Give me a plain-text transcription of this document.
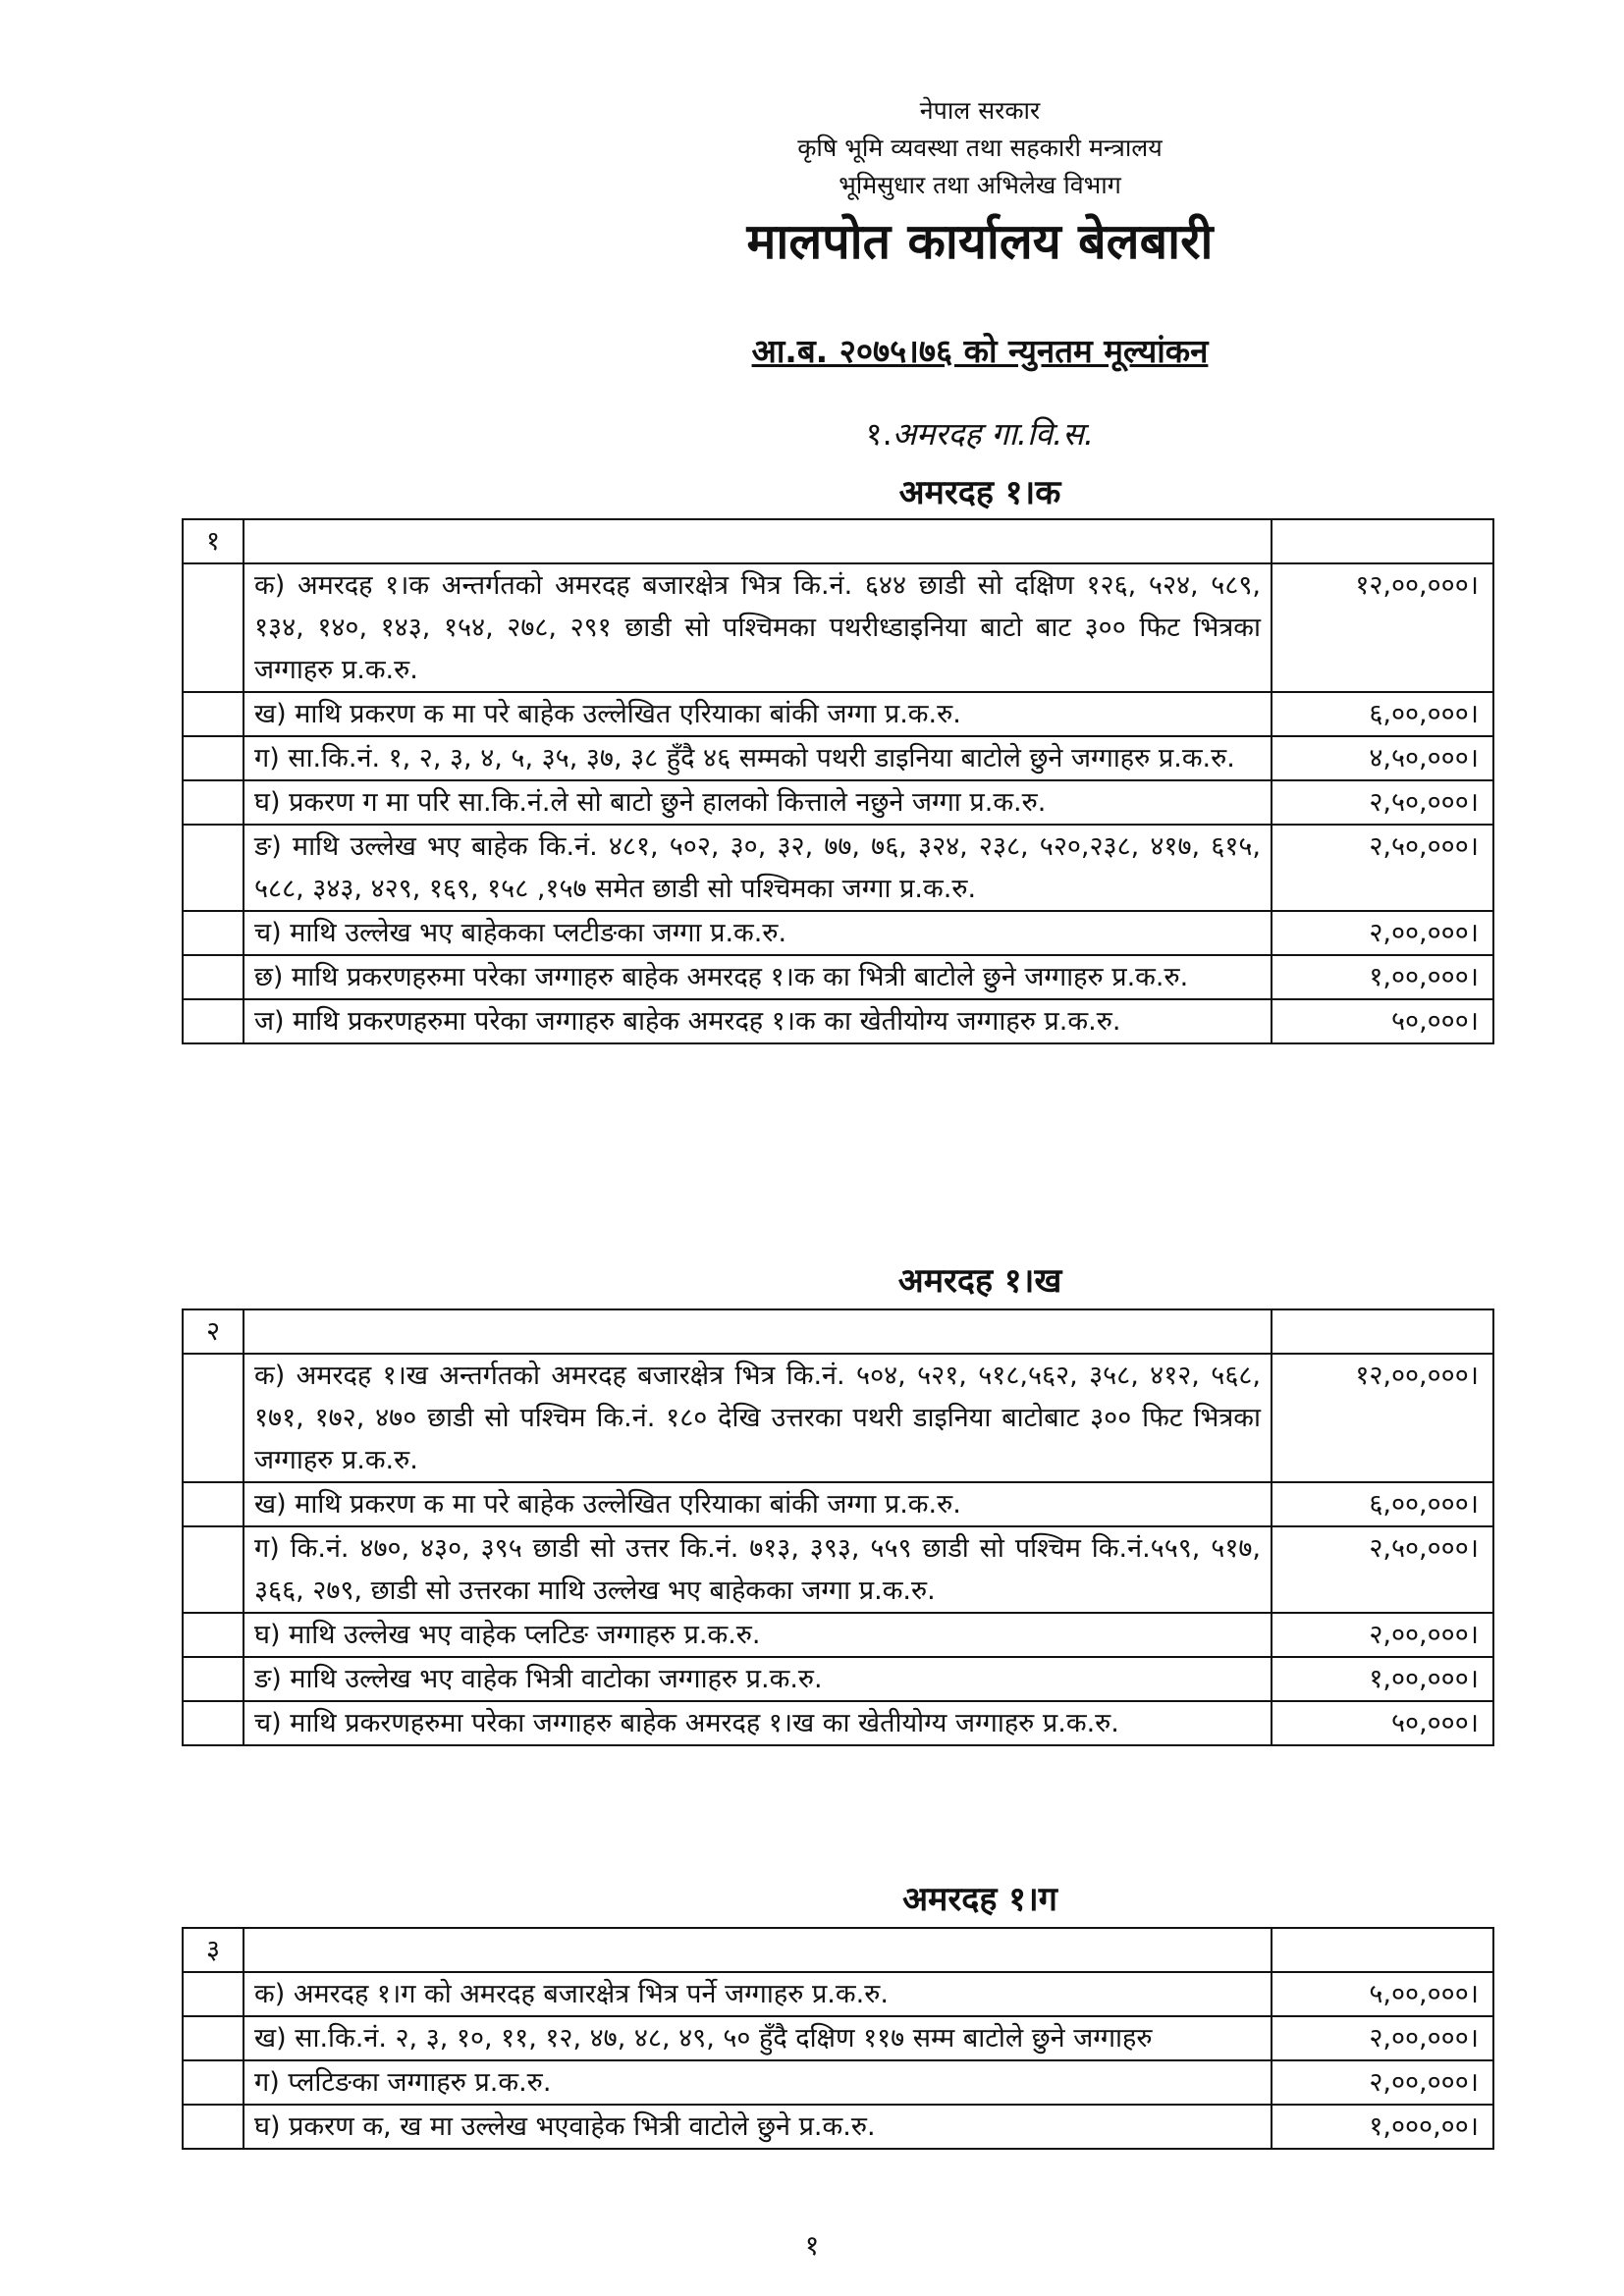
नेपाल सरकार
कृषि भूमि व्यवस्था तथा सहकारी मन्त्रालय
भूमिसुधार तथा अभिलेख विभाग
मालपोत कार्यालय बेलबारी
आ.ब. २०७५।७६ को न्युनतम मूल्यांकन
१.अमरदह गा.वि.स.
अमरदह १।क
१		
	क) अमरदह १।क अन्तर्गतको अमरदह बजारक्षेत्र भित्र कि.नं. ६४४ छाडी सो दक्षिण १२६, ५२४, ५८९, १३४, १४०, १४३, १५४, २७८, २९१ छाडी सो पश्चिमका पथरीध्डाइनिया बाटो बाट ३०० फिट भित्रका जग्गाहरु प्र.क.रु.	१२,००,०००।
	ख) माथि प्रकरण क मा परे बाहेक उल्लेखित एरियाका बांकी जग्गा प्र.क.रु.	६,००,०००।
	ग) सा.कि.नं. १, २, ३, ४, ५, ३५, ३७, ३८ हुँदै ४६ सम्मको पथरी डाइनिया बाटोले छुने जग्गाहरु प्र.क.रु.	४,५०,०००।
	घ) प्रकरण ग मा परि सा.कि.नं.ले सो बाटो छुने हालको कित्ताले नछुने जग्गा प्र.क.रु.	२,५०,०००।
	ङ) माथि उल्लेख भए बाहेक कि.नं. ४८१, ५०२, ३०, ३२, ७७, ७६, ३२४, २३८, ५२०,२३८, ४१७, ६१५, ५८८, ३४३, ४२९, १६९, १५८ ,१५७ समेत छाडी सो पश्चिमका जग्गा प्र.क.रु.	२,५०,०००।
	च) माथि उल्लेख भए बाहेकका प्लटीङका जग्गा प्र.क.रु.	२,००,०००।
	छ) माथि प्रकरणहरुमा परेका जग्गाहरु बाहेक अमरदह १।क का भित्री बाटोले छुने जग्गाहरु प्र.क.रु.	१,००,०००।
	ज) माथि प्रकरणहरुमा परेका जग्गाहरु बाहेक अमरदह १।क का खेतीयोग्य जग्गाहरु प्र.क.रु.	५०,०००।
अमरदह १।ख
२		
	क) अमरदह १।ख अन्तर्गतको अमरदह बजारक्षेत्र भित्र कि.नं. ५०४, ५२१, ५१८,५६२, ३५८, ४१२, ५६८, १७१, १७२, ४७० छाडी सो पश्चिम कि.नं. १८० देखि उत्तरका पथरी डाइनिया बाटोबाट ३०० फिट भित्रका जग्गाहरु प्र.क.रु.	१२,००,०००।
	ख) माथि प्रकरण क मा परे बाहेक उल्लेखित एरियाका बांकी जग्गा प्र.क.रु.	६,००,०००।
	ग) कि.नं. ४७०, ४३०, ३९५ छाडी सो उत्तर कि.नं. ७१३, ३९३, ५५९ छाडी सो पश्चिम कि.नं.५५९, ५१७, ३६६, २७९, छाडी सो उत्तरका माथि उल्लेख भए बाहेकका जग्गा प्र.क.रु.	२,५०,०००।
	घ) माथि उल्लेख भए वाहेक प्लटिङ जग्गाहरु प्र.क.रु.	२,००,०००।
	ङ) माथि उल्लेख भए वाहेक भित्री वाटोका जग्गाहरु प्र.क.रु.	१,००,०००।
	च) माथि प्रकरणहरुमा परेका जग्गाहरु बाहेक अमरदह १।ख का खेतीयोग्य जग्गाहरु प्र.क.रु.	५०,०००।
अमरदह १।ग
३		
	क) अमरदह १।ग को अमरदह बजारक्षेत्र भित्र पर्ने जग्गाहरु प्र.क.रु.	५,००,०००।
	ख) सा.कि.नं. २, ३, १०, ११, १२, ४७, ४८, ४९, ५० हुँदै दक्षिण ११७ सम्म बाटोले छुने जग्गाहरु	२,००,०००।
	ग) प्लटिङका जग्गाहरु प्र.क.रु.	२,००,०००।
	घ) प्रकरण क, ख मा उल्लेख भएवाहेक भित्री वाटोले छुने प्र.क.रु.	१,०००,००।
१
